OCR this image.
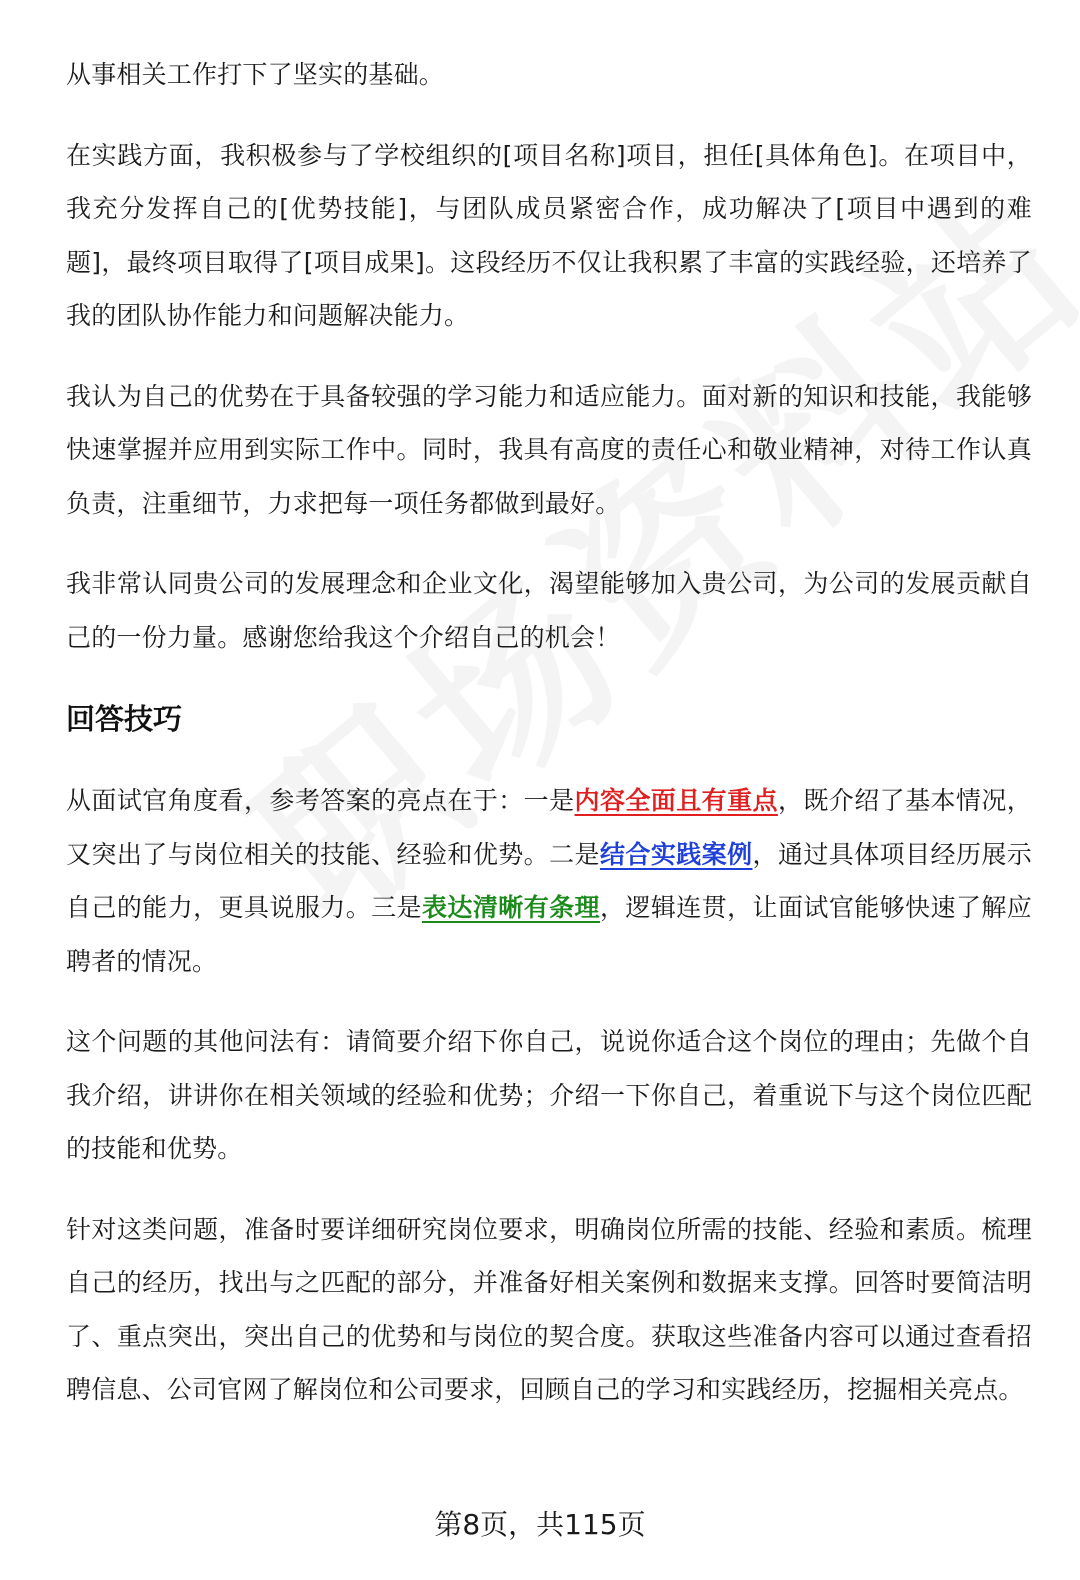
从事相关工作打下了坚实的基础。

在实践方面，我积极参与了学校组织的[项目名称]项目，担任[具体角色]。在项目中，我充分发挥自己的[优势技能]，与团队成员紧密合作，成功解决了[项目中遇到的难题]，最终项目取得了[项目成果]。这段经历不仅让我积累了丰富的实践经验，还培养了我的团队协作能力和问题解决能力。

我认为自己的优势在于具备较强的学习能力和适应能力。面对新的知识和技能，我能够快速掌握并应用到实际工作中。同时，我具有高度的责任心和敬业精神，对待工作认真负责，注重细节，力求把每一项任务都做到最好。

我非常认同贵公司的发展理念和企业文化，渴望能够加入贵公司，为公司的发展贡献自己的一份力量。感谢您给我这个介绍自己的机会！

回答技巧

从面试官角度看，参考答案的亮点在于：一是内容全面且有重点，既介绍了基本情况，又突出了与岗位相关的技能、经验和优势。二是结合实践案例，通过具体项目经历展示自己的能力，更具说服力。三是表达清晰有条理，逻辑连贯，让面试官能够快速了解应聘者的情况。

这个问题的其他问法有：请简要介绍下你自己，说说你适合这个岗位的理由；先做个自我介绍，讲讲你在相关领域的经验和优势；介绍一下你自己，着重说下与这个岗位匹配的技能和优势。

针对这类问题，准备时要详细研究岗位要求，明确岗位所需的技能、经验和素质。梳理自己的经历，找出与之匹配的部分，并准备好相关案例和数据来支撑。回答时要简洁明了、重点突出，突出自己的优势和与岗位的契合度。获取这些准备内容可以通过查看招聘信息、公司官网了解岗位和公司要求，回顾自己的学习和实践经历，挖掘相关亮点。

第8页，共115页
